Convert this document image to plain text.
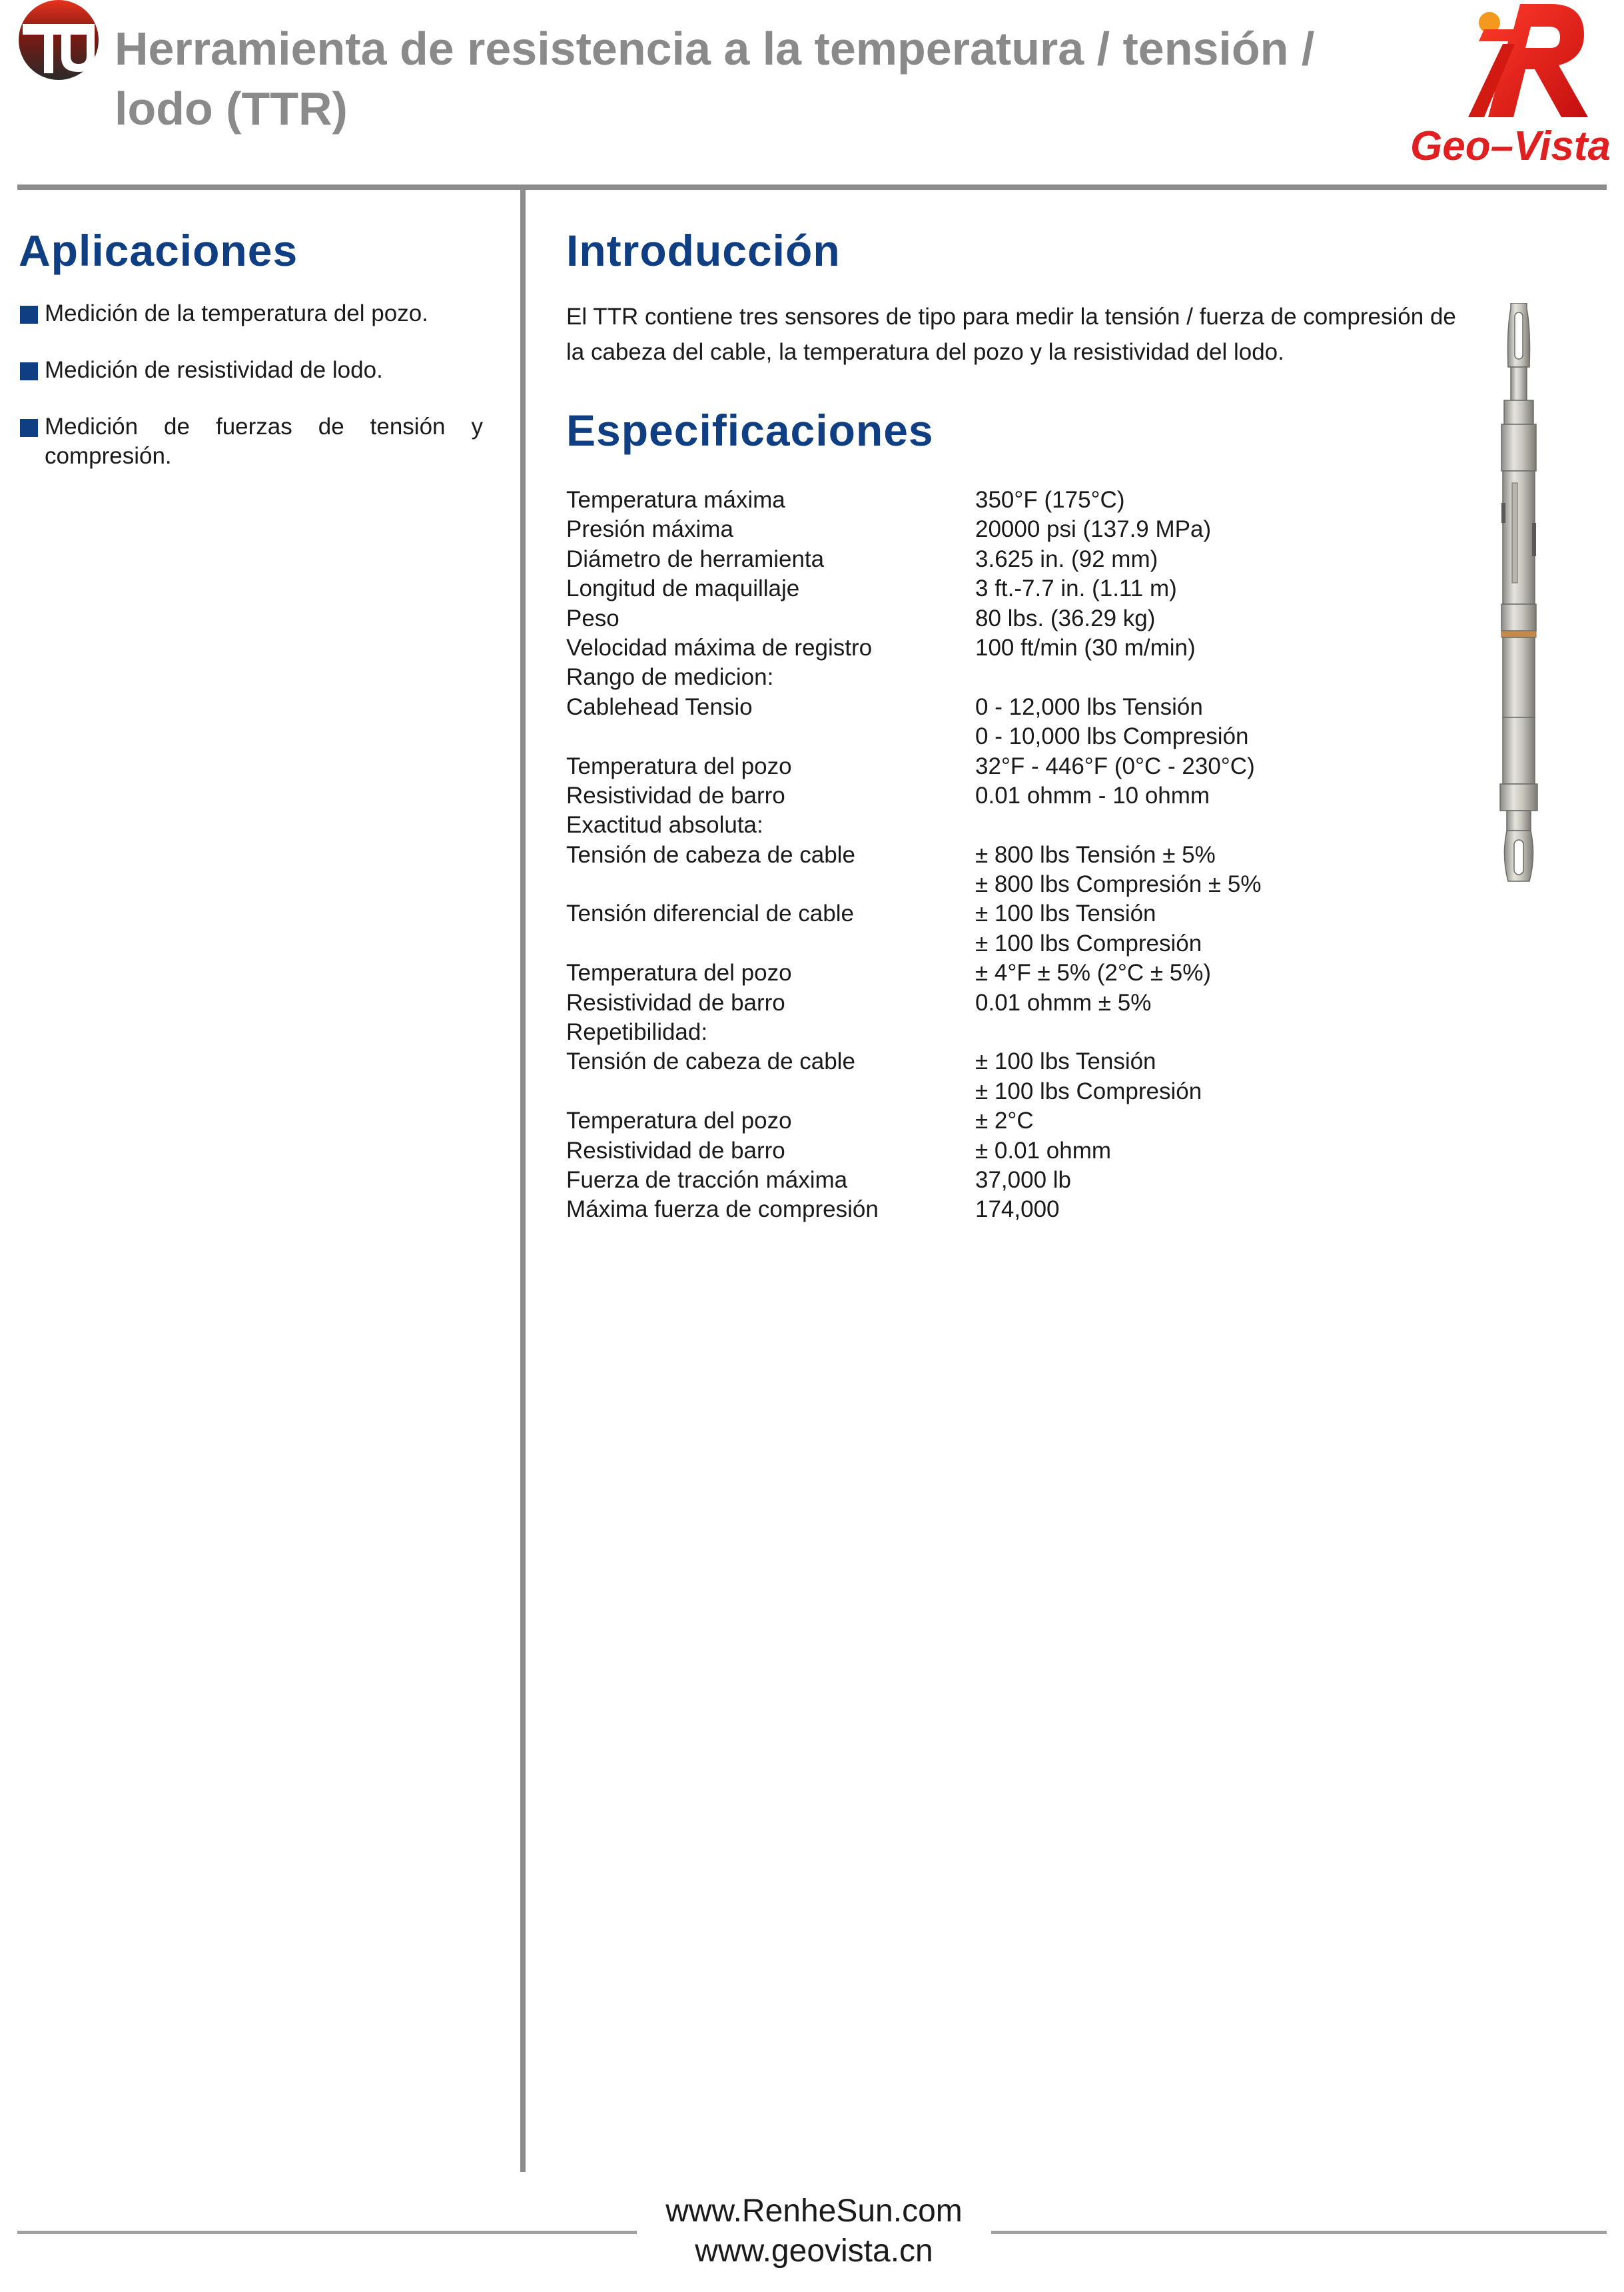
Herramienta de resistencia a la temperatura / tensión / lodo (TTR)
Geo–Vista
Aplicaciones
Medición de la temperatura del pozo.
Medición de resistividad de lodo.
Medición de fuerzas de tensión y compresión.
Introducción

El TTR contiene tres sensores de tipo para medir la tensión / fuerza de compresión de la cabeza del cable, la temperatura del pozo y la resistividad del lodo.

Especificaciones
Temperatura máxima	350°F (175°C)
Presión máxima	20000 psi (137.9 MPa)
Diámetro de herramienta	3.625 in. (92 mm)
Longitud de maquillaje	3 ft.-7.7 in. (1.11 m)
Peso	80 lbs. (36.29 kg)
Velocidad máxima de registro	100 ft/min (30 m/min)
Rango de medicion:
Cablehead Tensio	0 - 12,000 lbs Tensión
0 - 10,000 lbs Compresión
Temperatura del pozo	32°F - 446°F (0°C - 230°C)
Resistividad de barro	0.01 ohmm - 10 ohmm
Exactitud absoluta:
Tensión de cabeza de cable	± 800 lbs Tensión ± 5%
± 800 lbs Compresión ± 5%
Tensión diferencial de cable	± 100 lbs Tensión
± 100 lbs Compresión
Temperatura del pozo	± 4°F ± 5% (2°C ± 5%)
Resistividad de barro	0.01 ohmm ± 5%
Repetibilidad:
Tensión de cabeza de cable	± 100 lbs Tensión
± 100 lbs Compresión
Temperatura del pozo	± 2°C
Resistividad de barro	± 0.01 ohmm
Fuerza de tracción máxima	37,000 lb
Máxima fuerza de compresión	174,000
www.RenheSun.com
www.geovista.cn
